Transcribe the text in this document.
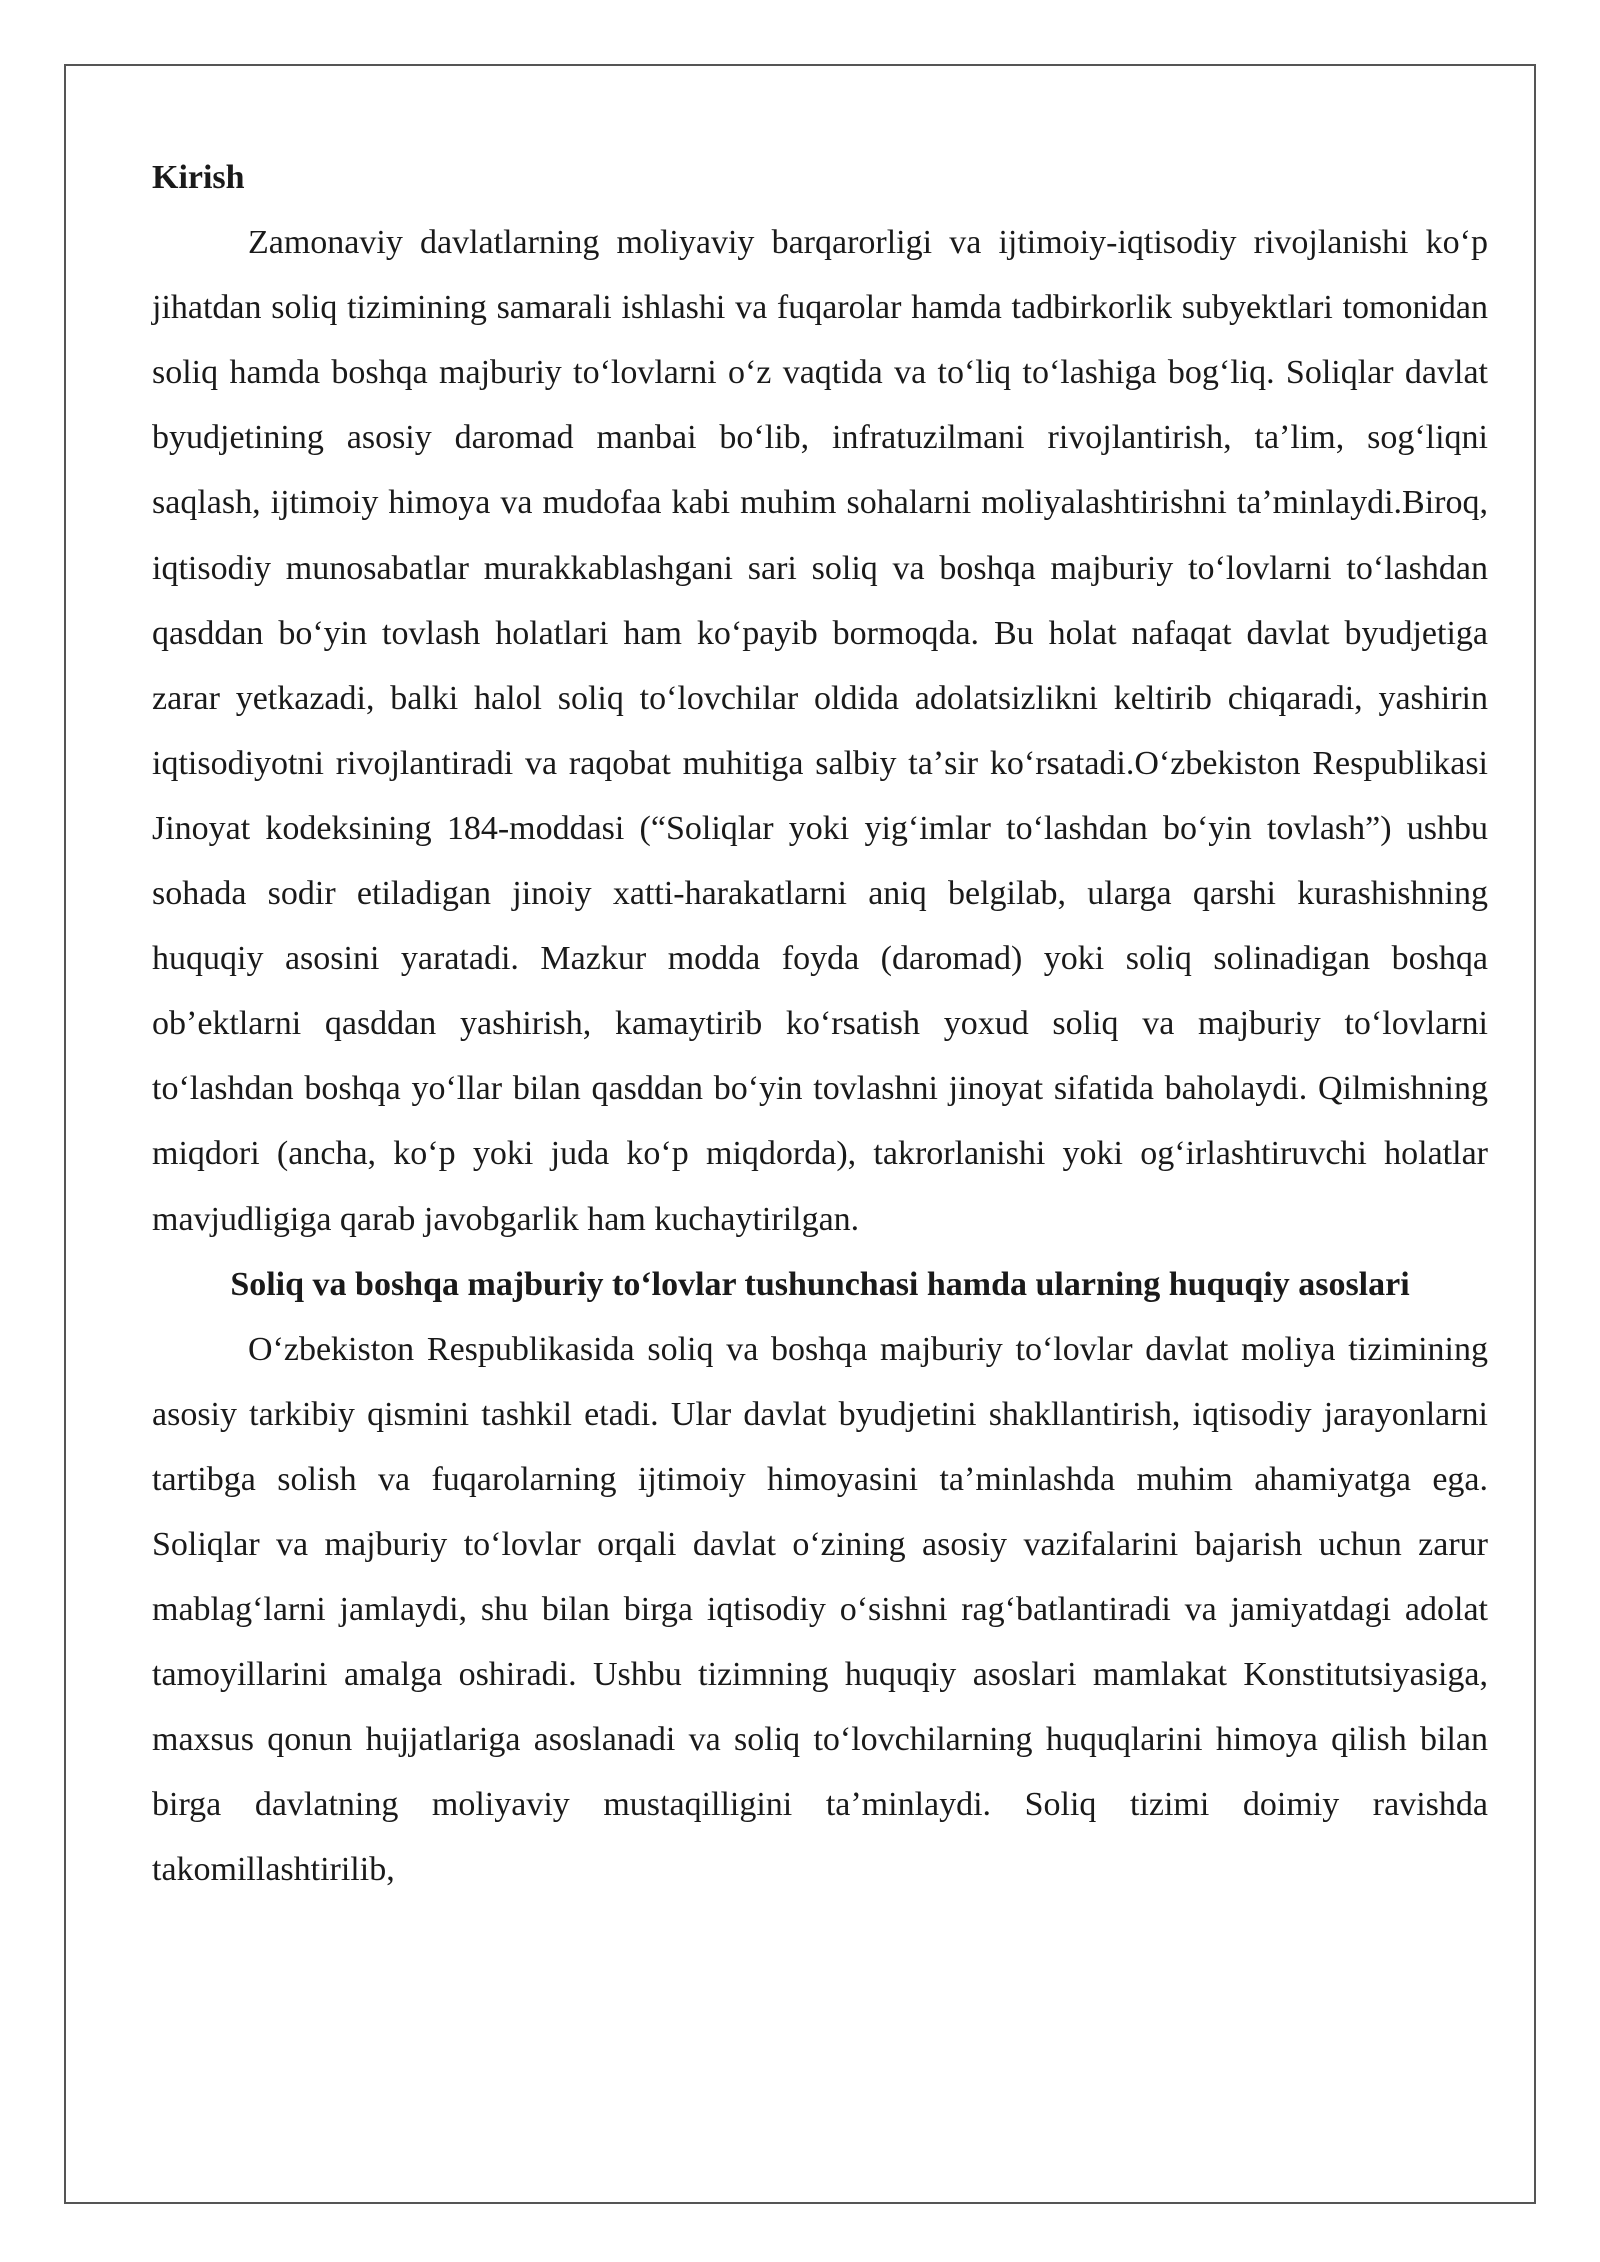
Kirish

Zamonaviy davlatlarning moliyaviy barqarorligi va ijtimoiy-iqtisodiy rivojlanishi koʻp jihatdan soliq tizimining samarali ishlashi va fuqarolar hamda tadbirkorlik subyektlari tomonidan soliq hamda boshqa majburiy toʻlovlarni oʻz vaqtida va toʻliq toʻlashiga bogʻliq. Soliqlar davlat byudjetining asosiy daromad manbai boʻlib, infratuzilmani rivojlantirish, taʼlim, sogʻliqni saqlash, ijtimoiy himoya va mudofaa kabi muhim sohalarni moliyalashtirishni taʼminlaydi.Biroq, iqtisodiy munosabatlar murakkablashgani sari soliq va boshqa majburiy toʻlovlarni toʻlashdan qasddan boʻyin tovlash holatlari ham koʻpayib bormoqda. Bu holat nafaqat davlat byudjetiga zarar yetkazadi, balki halol soliq toʻlovchilar oldida adolatsizlikni keltirib chiqaradi, yashirin iqtisodiyotni rivojlantiradi va raqobat muhitiga salbiy taʼsir koʻrsatadi.Oʻzbekiston Respublikasi Jinoyat kodeksining 184-moddasi (“Soliqlar yoki yigʻimlar toʻlashdan boʻyin tovlash”) ushbu sohada sodir etiladigan jinoiy xatti-harakatlarni aniq belgilab, ularga qarshi kurashishning huquqiy asosini yaratadi. Mazkur modda foyda (daromad) yoki soliq solinadigan boshqa obʼektlarni qasddan yashirish, kamaytirib koʻrsatish yoxud soliq va majburiy toʻlovlarni toʻlashdan boshqa yoʻllar bilan qasddan boʻyin tovlashni jinoyat sifatida baholaydi. Qilmishning miqdori (ancha, koʻp yoki juda koʻp miqdorda), takrorlanishi yoki ogʻirlashtiruvchi holatlar mavjudligiga qarab javobgarlik ham kuchaytirilgan.

Soliq va boshqa majburiy toʻlovlar tushunchasi hamda ularning huquqiy asoslari

Oʻzbekiston Respublikasida soliq va boshqa majburiy toʻlovlar davlat moliya tizimining asosiy tarkibiy qismini tashkil etadi. Ular davlat byudjetini shakllantirish, iqtisodiy jarayonlarni tartibga solish va fuqarolarning ijtimoiy himoyasini taʼminlashda muhim ahamiyatga ega. Soliqlar va majburiy toʻlovlar orqali davlat oʻzining asosiy vazifalarini bajarish uchun zarur mablagʻlarni jamlaydi, shu bilan birga iqtisodiy oʻsishni ragʻbatlantiradi va jamiyatdagi adolat tamoyillarini amalga oshiradi. Ushbu tizimning huquqiy asoslari mamlakat Konstitutsiyasiga, maxsus qonun hujjatlariga asoslanadi va soliq toʻlovchilarning huquqlarini himoya qilish bilan birga davlatning moliyaviy mustaqilligini taʼminlaydi. Soliq tizimi doimiy ravishda takomillashtirilib,
